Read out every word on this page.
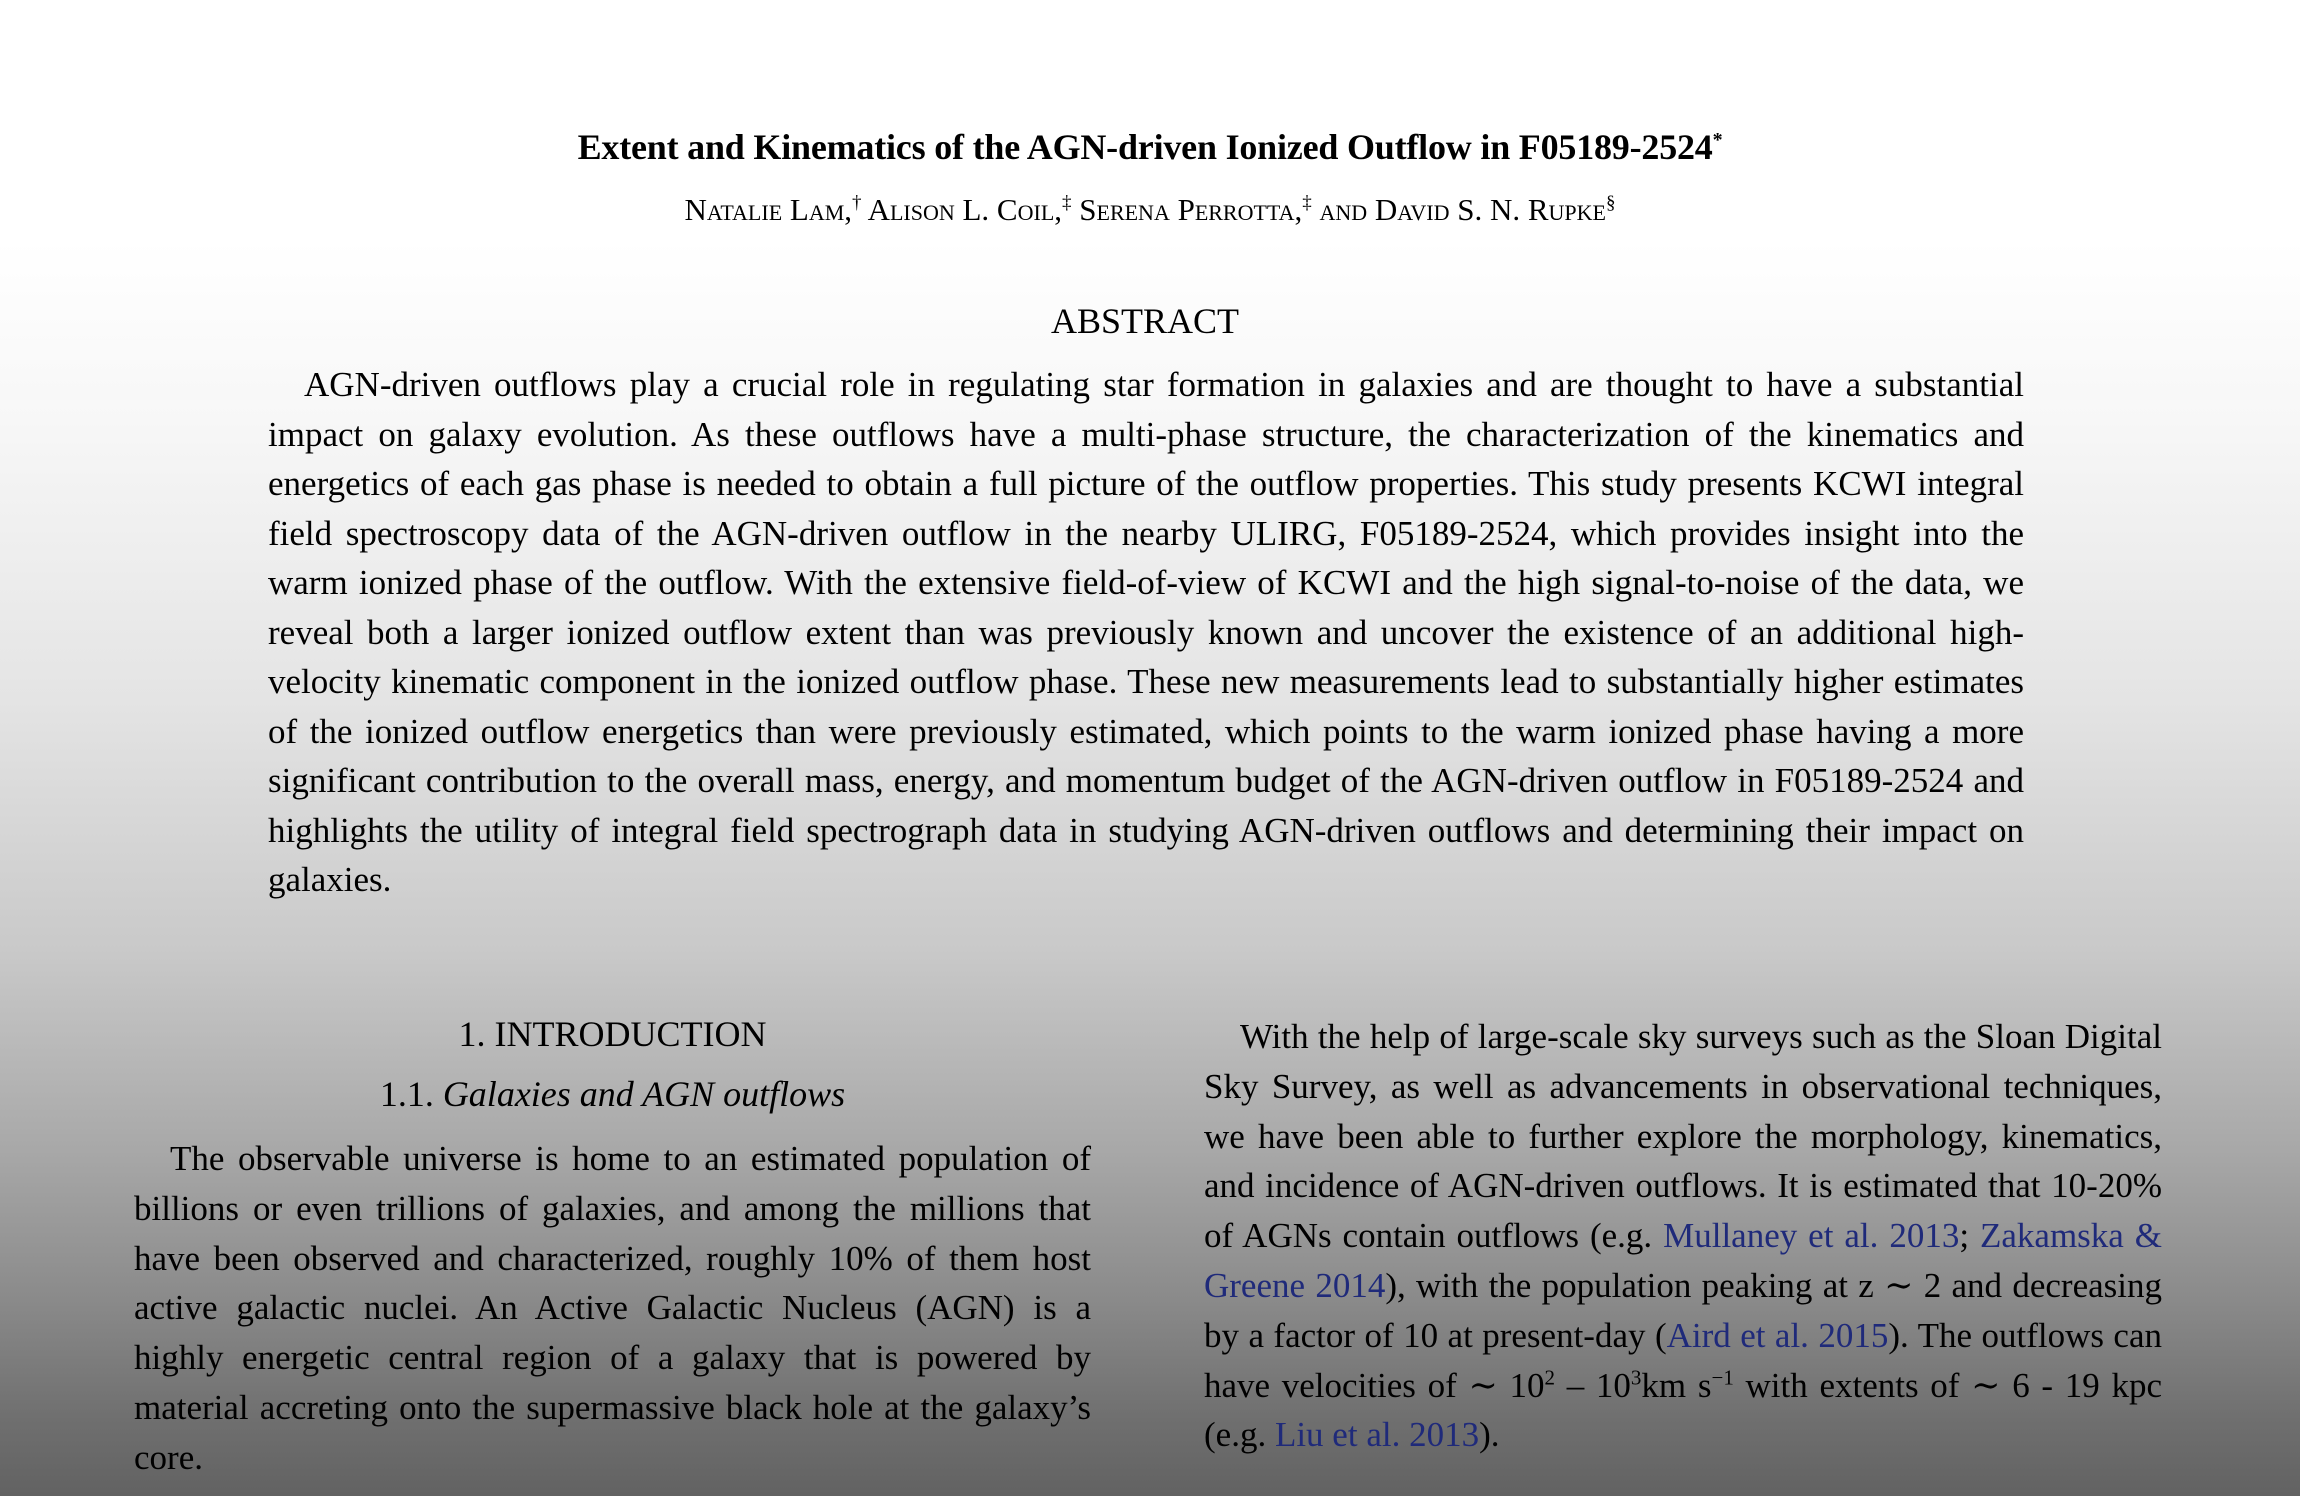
Extent and Kinematics of the AGN-driven Ionized Outflow in F05189-2524*
Natalie Lam,† Alison L. Coil,‡ Serena Perrotta,‡ and David S. N. Rupke§
ABSTRACT
AGN-driven outflows play a crucial role in regulating star formation in galaxies and are thought to have a substantial impact on galaxy evolution. As these outflows have a multi-phase structure, the characterization of the kinematics and energetics of each gas phase is needed to obtain a full picture of the outflow properties. This study presents KCWI integral field spectroscopy data of the AGN-driven outflow in the nearby ULIRG, F05189-2524, which provides insight into the warm ionized phase of the outflow. With the extensive field-of-view of KCWI and the high signal-to-noise of the data, we reveal both a larger ionized outflow extent than was previously known and uncover the existence of an additional high-velocity kinematic component in the ionized outflow phase. These new measurements lead to substantially higher estimates of the ionized outflow energetics than were previously estimated, which points to the warm ionized phase having a more significant contribution to the overall mass, energy, and momentum budget of the AGN-driven outflow in F05189-2524 and highlights the utility of integral field spectrograph data in studying AGN-driven outflows and determining their impact on galaxies.
1. INTRODUCTION
1.1. Galaxies and AGN outflows

The observable universe is home to an estimated population of billions or even trillions of galaxies, and among the millions that have been observed and characterized, roughly 10% of them host active galactic nuclei. An Active Galactic Nucleus (AGN) is a highly energetic central region of a galaxy that is powered by material accreting onto the supermassive black hole at the galaxy’s core.

With the help of large-scale sky surveys such as the Sloan Digital Sky Survey, as well as advancements in observational techniques, we have been able to further explore the morphology, kinematics, and incidence of AGN-driven outflows. It is estimated that 10-20% of AGNs contain outflows (e.g. Mullaney et al. 2013; Zakamska & Greene 2014), with the population peaking at z ∼ 2 and decreasing by a factor of 10 at present-day (Aird et al. 2015). The outflows can have velocities of ∼ $10^2 - 10^3km$ $s^{-1}$ with extents of ∼ 6 - 19 kpc (e.g. Liu et al. 2013).
